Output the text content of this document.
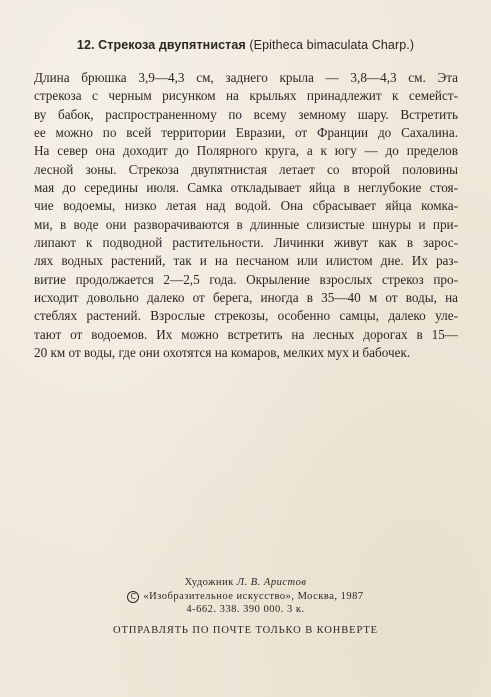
12. Стрекоза двупятнистая (Epitheca bimaculata Charp.)
Длина брюшка 3,9—4,3 см, заднего крыла — 3,8—4,3 см. Эта
стрекоза с черным рисунком на крыльях принадлежит к семейст-
ву бабок, распространенному по всему земному шару. Встретить
ее можно по всей территории Евразии, от Франции до Сахалина.
На север она доходит до Полярного круга, а к югу — до пределов
лесной зоны. Стрекоза двупятнистая летает со второй половины
мая до середины июля. Самка откладывает яйца в неглубокие стоя-
чие водоемы, низко летая над водой. Она сбрасывает яйца комка-
ми, в воде они разворачиваются в длинные слизистые шнуры и при-
липают к подводной растительности. Личинки живут как в зарос-
лях водных растений, так и на песчаном или илистом дне. Их раз-
витие продолжается 2—2,5 года. Окрыление взрослых стрекоз про-
исходит довольно далеко от берега, иногда в 35—40 м от воды, на
стеблях растений. Взрослые стрекозы, особенно самцы, далеко уле-
тают от водоемов. Их можно встретить на лесных дорогах в 15—
20 км от воды, где они охотятся на комаров, мелких мух и бабочек.
Художник Л. В. Аристов
C «Изобразительное искусство», Москва, 1987
4-662. 338. 390 000. 3 к.
ОТПРАВЛЯТЬ ПО ПОЧТЕ ТОЛЬКО В КОНВЕРТЕ
